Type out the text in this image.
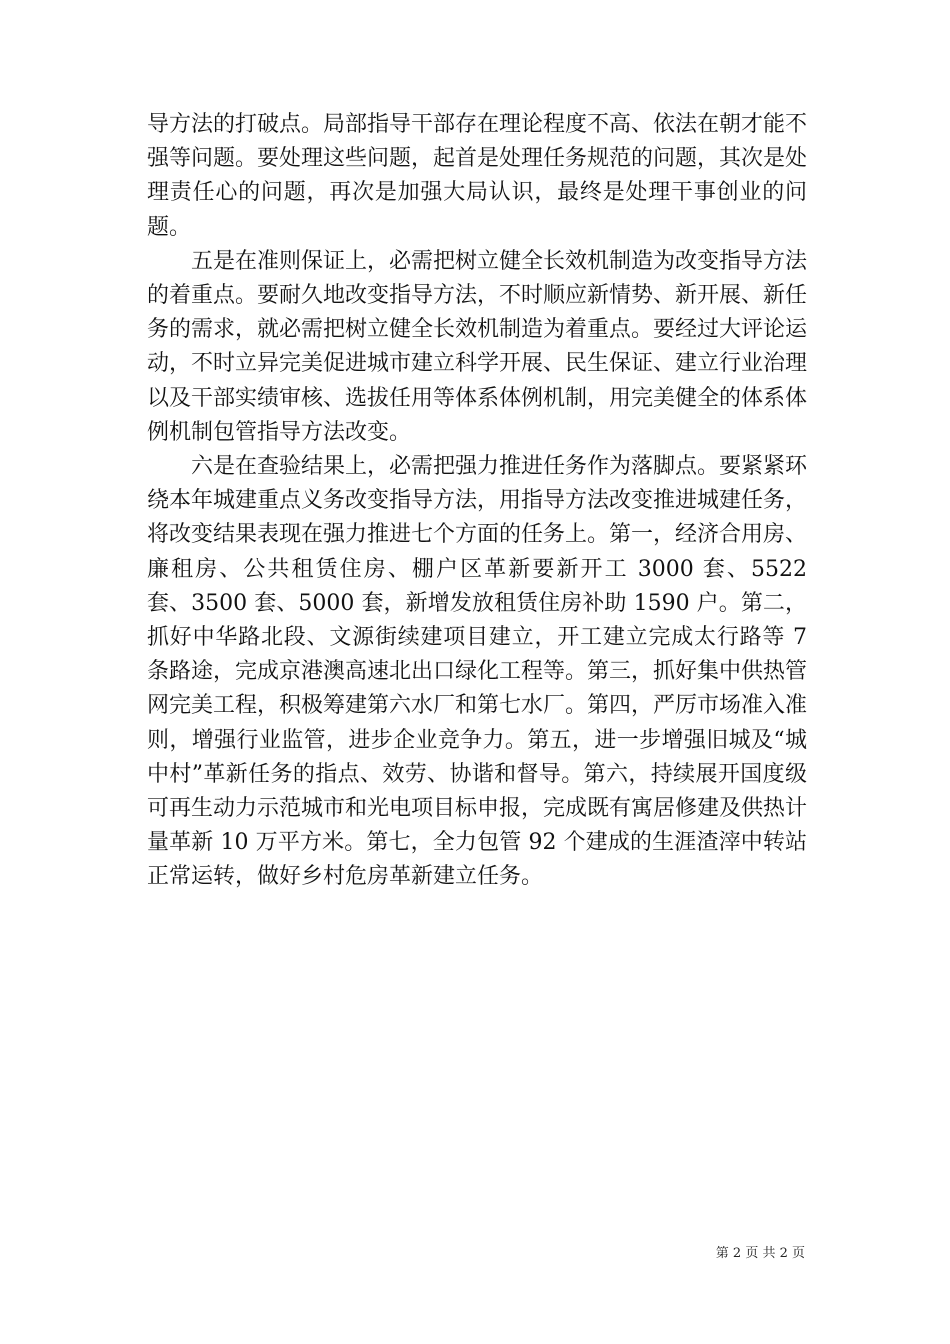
导方法的打破点。局部指导干部存在理论程度不高、依法在朝才能不强等问题。要处理这些问题，起首是处理任务规范的问题，其次是处理责任心的问题，再次是加强大局认识，最终是处理干事创业的问题。

五是在准则保证上，必需把树立健全长效机制造为改变指导方法的着重点。要耐久地改变指导方法，不时顺应新情势、新开展、新任务的需求，就必需把树立健全长效机制造为着重点。要经过大评论运动，不时立异完美促进城市建立科学开展、民生保证、建立行业治理以及干部实绩审核、选拔任用等体系体例机制，用完美健全的体系体例机制包管指导方法改变。

六是在查验结果上，必需把强力推进任务作为落脚点。要紧紧环绕本年城建重点义务改变指导方法，用指导方法改变推进城建任务，将改变结果表现在强力推进七个方面的任务上。第一，经济合用房、廉租房、公共租赁住房、棚户区革新要新开工 3000 套、5522 套、3500 套、5000 套，新增发放租赁住房补助 1590 户。第二，抓好中华路北段、文源街续建项目建立，开工建立完成太行路等 7 条路途，完成京港澳高速北出口绿化工程等。第三，抓好集中供热管网完美工程，积极筹建第六水厂和第七水厂。第四，严厉市场准入准则，增强行业监管，进步企业竞争力。第五，进一步增强旧城及“城中村”革新任务的指点、效劳、协谐和督导。第六，持续展开国度级可再生动力示范城市和光电项目标申报，完成既有寓居修建及供热计量革新 10 万平方米。第七，全力包管 92 个建成的生涯渣滓中转站正常运转，做好乡村危房革新建立任务。

第 2 页 共 2 页
